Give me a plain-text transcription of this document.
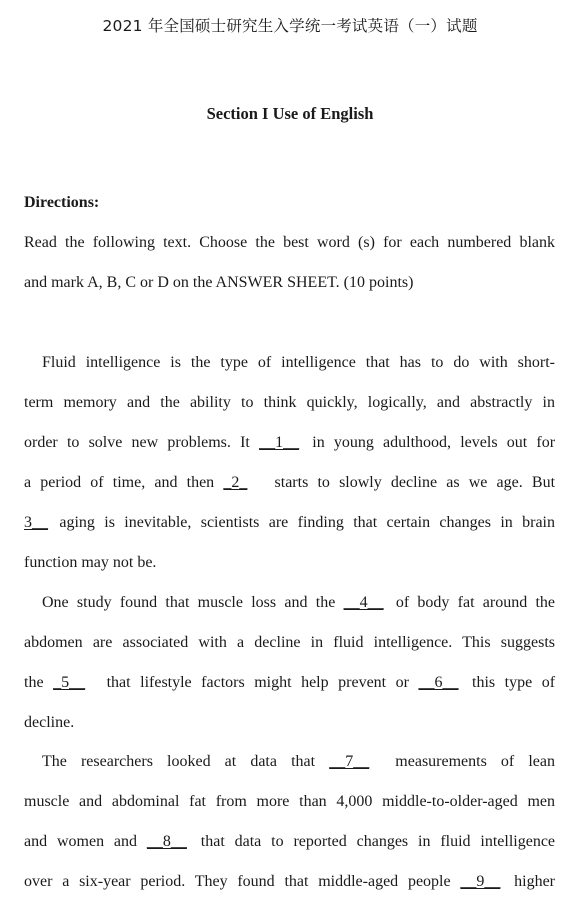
2021 年全国硕士研究生入学统一考试英语（一）试题
Section I Use of English
Directions:
Read the following text. Choose the best word (s) for each numbered blank
and mark A, B, C or D on the ANSWER SHEET. (10 points)
Fluid intelligence is the type of intelligence that has to do with short-
term memory and the ability to think quickly, logically, and abstractly in
order to solve new problems. It __1__ in young adulthood, levels out for
a period of time, and then _2_ starts to slowly decline as we age. But
3__ aging is inevitable, scientists are finding that certain changes in brain
function may not be.
One study found that muscle loss and the __4__ of body fat around the
abdomen are associated with a decline in fluid intelligence. This suggests
the _5__ that lifestyle factors might help prevent or __6__ this type of
decline.
The researchers looked at data that __7__ measurements of lean
muscle and abdominal fat from more than 4,000 middle-to-older-aged men
and women and __8__ that data to reported changes in fluid intelligence
over a six-year period. They found that middle-aged people __9__ higher
